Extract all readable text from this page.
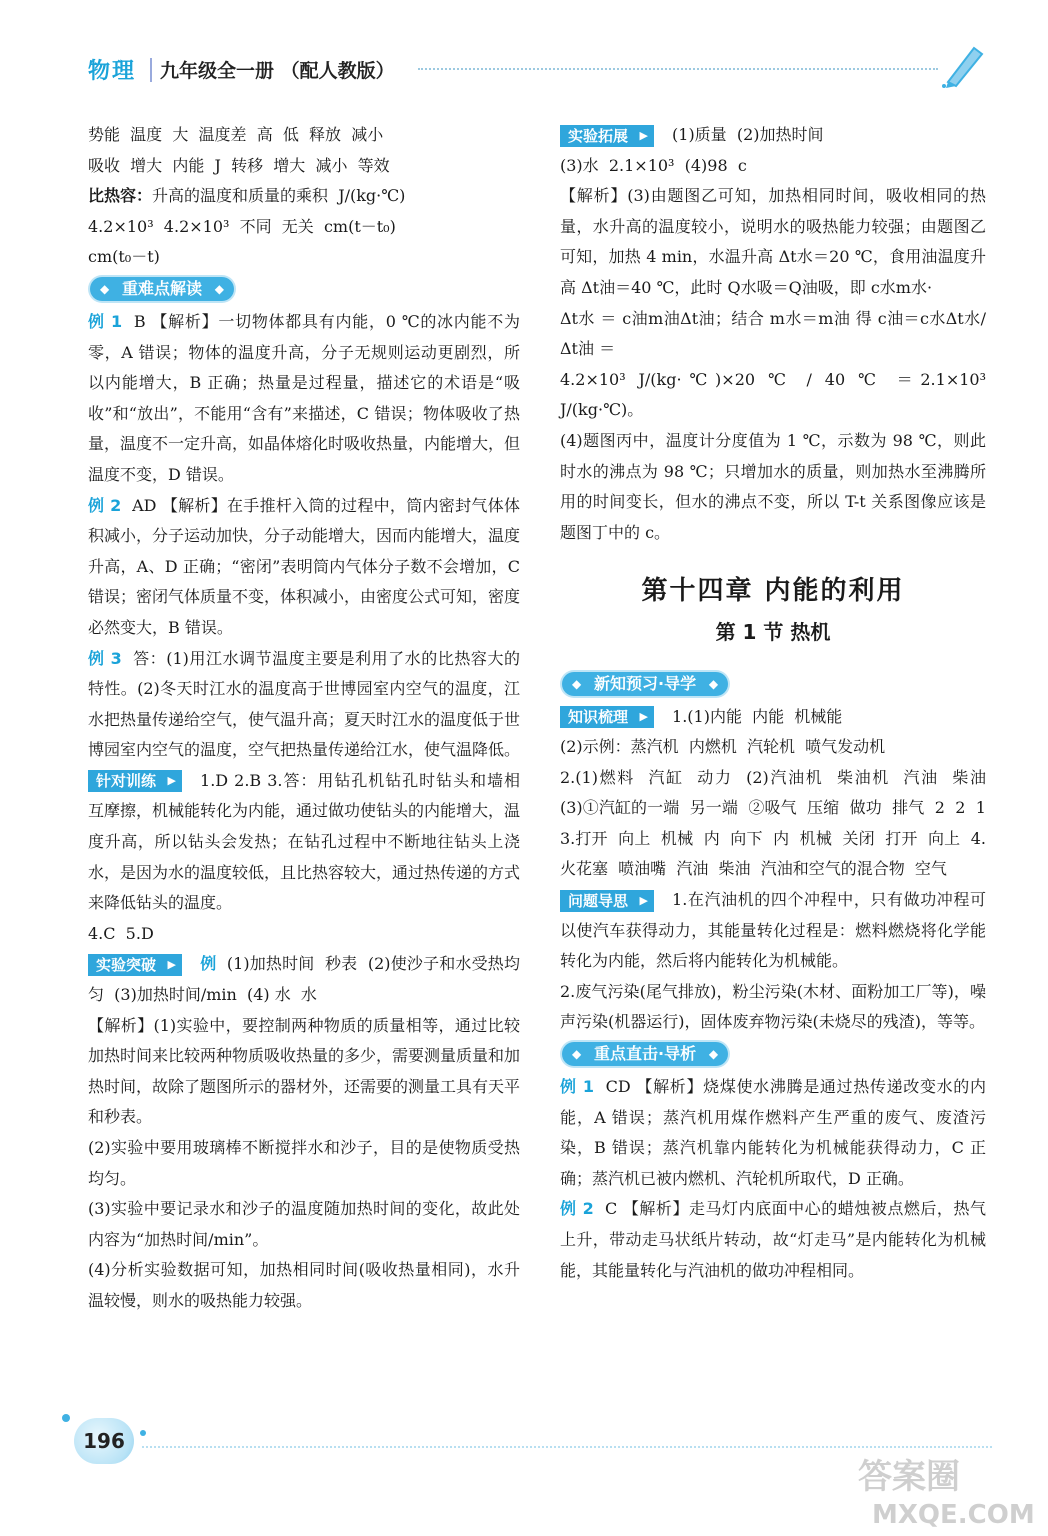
物理 九年级全一册 （配人教版）

势能  温度  大  温度差  高  低  释放  减小

吸收  增大  内能  J  转移  增大  减小  等效

比热容：升高的温度和质量的乘积  J/(kg·℃)

4.2×10³  4.2×10³  不同  无关  cm(t－t₀)

cm(t₀－t)

◆ 重难点解读 ◆

例 1 B 【解析】一切物体都具有内能，0 ℃的冰内能不为零，A 错误；物体的温度升高，分子无规则运动更剧烈，所以内能增大，B 正确；热量是过程量，描述它的术语是“吸收”和“放出”，不能用“含有”来描述，C 错误；物体吸收了热量，温度不一定升高，如晶体熔化时吸收热量，内能增大，但温度不变，D 错误。

例 2 AD 【解析】在手推杆入筒的过程中，筒内密封气体体积减小，分子运动加快，分子动能增大，因而内能增大，温度升高，A、D 正确；“密闭”表明筒内气体分子数不会增加，C 错误；密闭气体质量不变，体积减小，由密度公式可知，密度必然变大，B 错误。

例 3 答：(1)用江水调节温度主要是利用了水的比热容大的特性。(2)冬天时江水的温度高于世博园室内空气的温度，江水把热量传递给空气，使气温升高；夏天时江水的温度低于世博园室内空气的温度，空气把热量传递给江水，使气温降低。

针对训练 ▶ 1.D 2.B 3.答：用钻孔机钻孔时钻头和墙相互摩擦，机械能转化为内能，通过做功使钻头的内能增大，温度升高，所以钻头会发热；在钻孔过程中不断地往钻头上浇水，是因为水的温度较低，且比热容较大，通过热传递的方式来降低钻头的温度。

4.C  5.D

实验突破 ▶ 例 (1)加热时间  秒表  (2)使沙子和水受热均匀  (3)加热时间/min  (4) 水  水

【解析】(1)实验中，要控制两种物质的质量相等，通过比较加热时间来比较两种物质吸收热量的多少，需要测量质量和加热时间，故除了题图所示的器材外，还需要的测量工具有天平和秒表。

(2)实验中要用玻璃棒不断搅拌水和沙子，目的是使物质受热均匀。

(3)实验中要记录水和沙子的温度随加热时间的变化，故此处内容为“加热时间/min”。

(4)分析实验数据可知，加热相同时间(吸收热量相同)，水升温较慢，则水的吸热能力较强。

实验拓展 ▶ (1)质量  (2)加热时间

(3)水  2.1×10³  (4)98  c

【解析】(3)由题图乙可知，加热相同时间，吸收相同的热量，水升高的温度较小，说明水的吸热能力较强；由题图乙可知，加热 4 min，水温升高 Δt水＝20 ℃，食用油温度升高 Δt油＝40 ℃，此时 Q水吸＝Q油吸，即 c水m水·

Δt水 ＝ c油m油Δt油；结合 m水＝m油 得 c油＝c水Δt水/Δt油 ＝

4.2×10³ J/(kg·℃)×20 ℃ / 40 ℃ ＝2.1×10³ J/(kg·℃)。

(4)题图丙中，温度计分度值为 1 ℃，示数为 98 ℃，则此时水的沸点为 98 ℃；只增加水的质量，则加热水至沸腾所用的时间变长，但水的沸点不变，所以 T-t 关系图像应该是题图丁中的 c。

第十四章 内能的利用
第 1 节 热机
◆ 新知预习·导学 ◆

知识梳理 ▶ 1.(1)内能  内能  机械能

(2)示例：蒸汽机  内燃机  汽轮机  喷气发动机

2.(1)燃料  汽缸  动力  (2)汽油机  柴油机  汽油  柴油  (3)①汽缸的一端  另一端  ②吸气  压缩  做功  排气  2  2  1  3.打开  向上  机械  内  向下  内  机械  关闭  打开  向上  4.火花塞  喷油嘴  汽油  柴油  汽油和空气的混合物  空气

问题导思 ▶ 1.在汽油机的四个冲程中，只有做功冲程可以使汽车获得动力，其能量转化过程是：燃料燃烧将化学能转化为内能，然后将内能转化为机械能。

2.废气污染(尾气排放)，粉尘污染(木材、面粉加工厂等)，噪声污染(机器运行)，固体废弃物污染(未烧尽的残渣)，等等。

◆ 重点直击·导析 ◆

例 1 CD 【解析】烧煤使水沸腾是通过热传递改变水的内能，A 错误；蒸汽机用煤作燃料产生严重的废气、废渣污染，B 错误；蒸汽机靠内能转化为机械能获得动力，C 正确；蒸汽机已被内燃机、汽轮机所取代，D 正确。

例 2 C 【解析】走马灯内底面中心的蜡烛被点燃后，热气上升，带动走马状纸片转动，故“灯走马”是内能转化为机械能，其能量转化与汽油机的做功冲程相同。

196
答案圈
MXQE.COM
